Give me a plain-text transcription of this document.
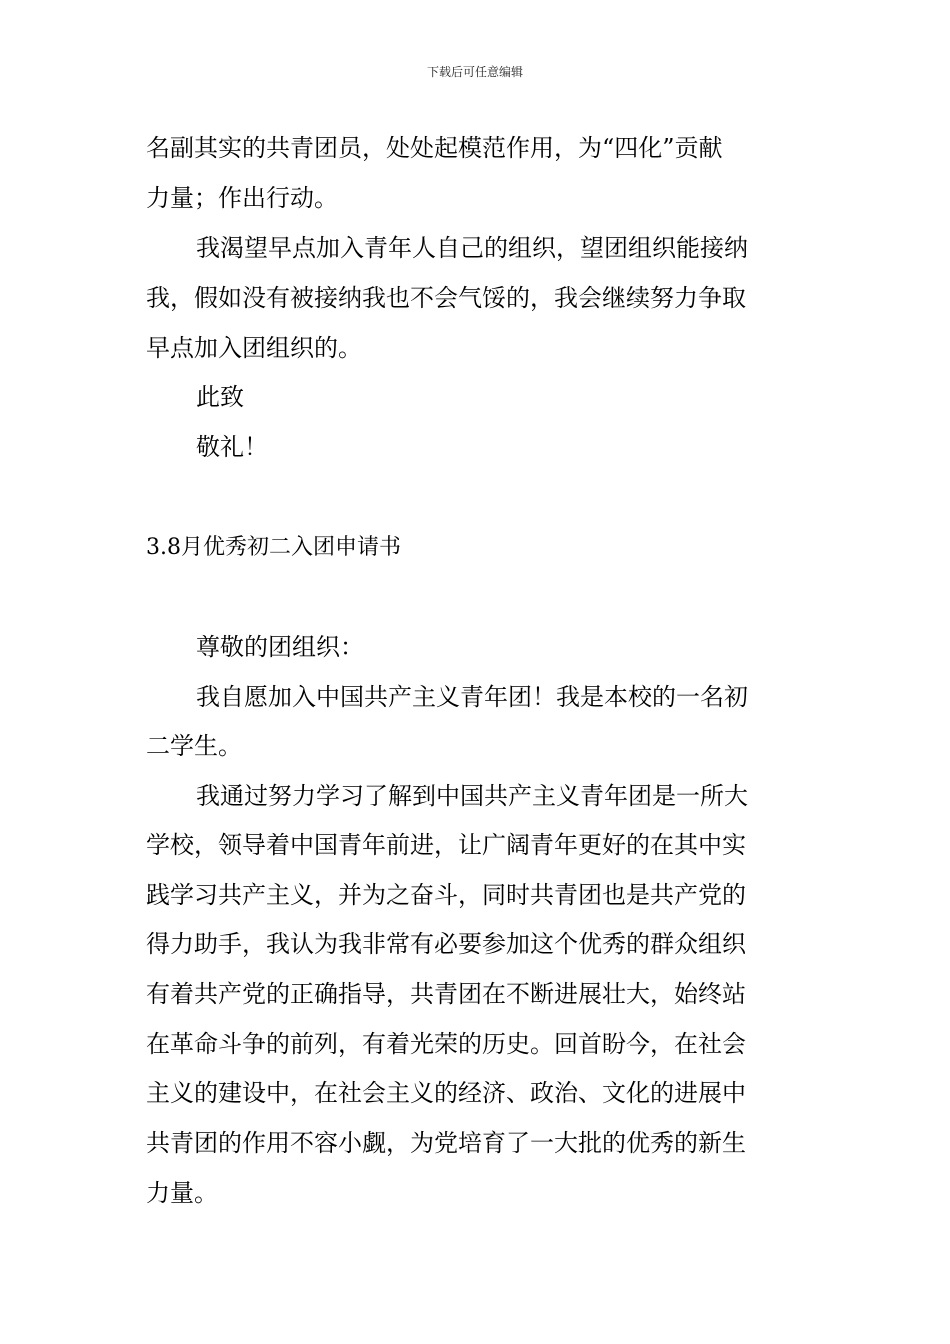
下载后可任意编辑
名副其实的共青团员，处处起模范作用，为“四化”贡献
力量；作出行动。
我渴望早点加入青年人自己的组织，望团组织能接纳
我，假如没有被接纳我也不会气馁的，我会继续努力争取
早点加入团组织的。
此致
敬礼！
3.8月优秀初二入团申请书
尊敬的团组织：
我自愿加入中国共产主义青年团！我是本校的一名初
二学生。
我通过努力学习了解到中国共产主义青年团是一所大
学校，领导着中国青年前进，让广阔青年更好的在其中实
践学习共产主义，并为之奋斗，同时共青团也是共产党的
得力助手，我认为我非常有必要参加这个优秀的群众组织
有着共产党的正确指导，共青团在不断进展壮大，始终站
在革命斗争的前列，有着光荣的历史。回首盼今，在社会
主义的建设中，在社会主义的经济、政治、文化的进展中
共青团的作用不容小觑，为党培育了一大批的优秀的新生
力量。
